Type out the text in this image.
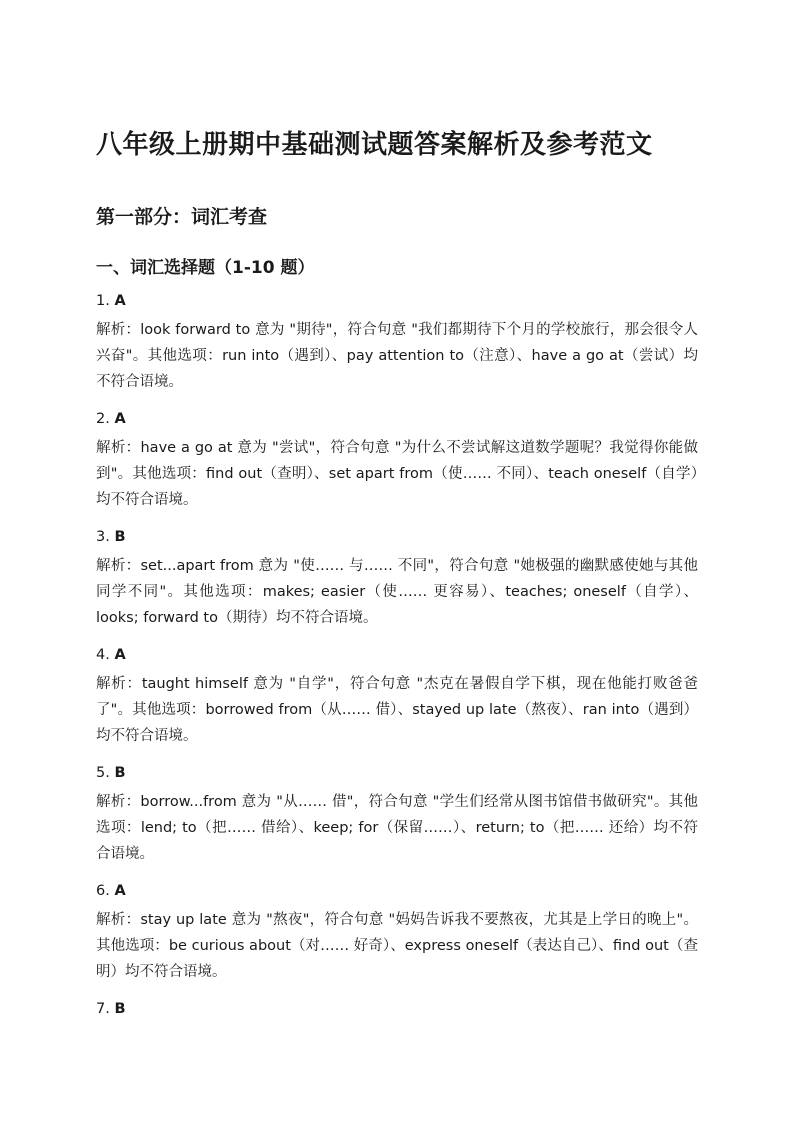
八年级上册期中基础测试题答案解析及参考范文
第一部分：词汇考查
一、词汇选择题（1-10 题）

1. A

解析：look forward to 意为 "期待"，符合句意 "我们都期待下个月的学校旅行，那会很令人兴奋"。其他选项：run into（遇到）、pay attention to（注意）、have a go at（尝试）均不符合语境。

2. A

解析：have a go at 意为 "尝试"，符合句意 "为什么不尝试解这道数学题呢？我觉得你能做到"。其他选项：find out（查明）、set apart from（使…… 不同）、teach oneself（自学）均不符合语境。

3. B

解析：set...apart from 意为 "使…… 与…… 不同"，符合句意 "她极强的幽默感使她与其他同学不同"。其他选项：makes; easier（使…… 更容易）、teaches; oneself（自学）、looks; forward to（期待）均不符合语境。

4. A

解析：taught himself 意为 "自学"，符合句意 "杰克在暑假自学下棋，现在他能打败爸爸了"。其他选项：borrowed from（从…… 借）、stayed up late（熬夜）、ran into（遇到）均不符合语境。

5. B

解析：borrow...from 意为 "从…… 借"，符合句意 "学生们经常从图书馆借书做研究"。其他选项：lend; to（把…… 借给）、keep; for（保留……）、return; to（把…… 还给）均不符合语境。

6. A

解析：stay up late 意为 "熬夜"，符合句意 "妈妈告诉我不要熬夜，尤其是上学日的晚上"。其他选项：be curious about（对…… 好奇）、express oneself（表达自己）、find out（查明）均不符合语境。

7. B
